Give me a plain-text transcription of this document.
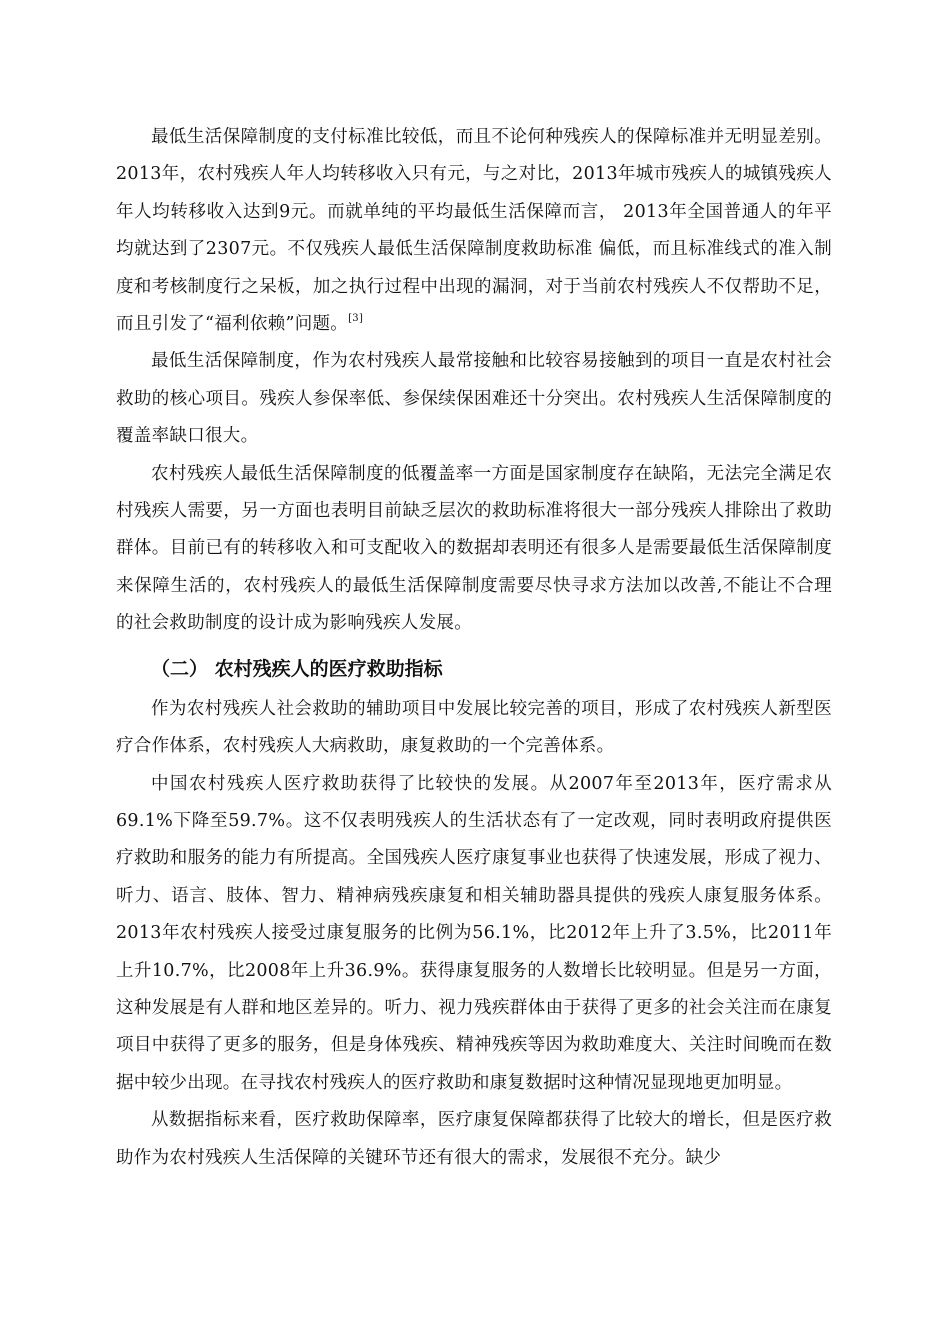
最低生活保障制度的支付标准比较低，而且不论何种残疾人的保障标准并无明显差别。2013年，农村残疾人年人均转移收入只有元，与之对比，2013年城市残疾人的城镇残疾人年人均转移收入达到9元。而就单纯的平均最低生活保障而言， 2013年全国普通人的年平均就达到了2307元。不仅残疾人最低生活保障制度救助标准 偏低，而且标准线式的准入制度和考核制度行之呆板，加之执行过程中出现的漏洞，对于当前农村残疾人不仅帮助不足，而且引发了“福利依赖”问题。[3]

最低生活保障制度，作为农村残疾人最常接触和比较容易接触到的项目一直是农村社会救助的核心项目。残疾人参保率低、参保续保困难还十分突出。农村残疾人生活保障制度的覆盖率缺口很大。

农村残疾人最低生活保障制度的低覆盖率一方面是国家制度存在缺陷，无法完全满足农村残疾人需要，另一方面也表明目前缺乏层次的救助标准将很大一部分残疾人排除出了救助群体。目前已有的转移收入和可支配收入的数据却表明还有很多人是需要最低生活保障制度来保障生活的，农村残疾人的最低生活保障制度需要尽快寻求方法加以改善,不能让不合理的社会救助制度的设计成为影响残疾人发展。

（二） 农村残疾人的医疗救助指标

作为农村残疾人社会救助的辅助项目中发展比较完善的项目，形成了农村残疾人新型医疗合作体系，农村残疾人大病救助，康复救助的一个完善体系。

中国农村残疾人医疗救助获得了比较快的发展。从2007年至2013年，医疗需求从69.1%下降至59.7%。这不仅表明残疾人的生活状态有了一定改观，同时表明政府提供医疗救助和服务的能力有所提高。全国残疾人医疗康复事业也获得了快速发展，形成了视力、听力、语言、肢体、智力、精神病残疾康复和相关辅助器具提供的残疾人康复服务体系。2013年农村残疾人接受过康复服务的比例为56.1%，比2012年上升了3.5%，比2011年上升10.7%，比2008年上升36.9%。获得康复服务的人数增长比较明显。但是另一方面，这种发展是有人群和地区差异的。听力、视力残疾群体由于获得了更多的社会关注而在康复项目中获得了更多的服务，但是身体残疾、精神残疾等因为救助难度大、关注时间晚而在数据中较少出现。在寻找农村残疾人的医疗救助和康复数据时这种情况显现地更加明显。

从数据指标来看，医疗救助保障率，医疗康复保障都获得了比较大的增长，但是医疗救助作为农村残疾人生活保障的关键环节还有很大的需求，发展很不充分。缺少
